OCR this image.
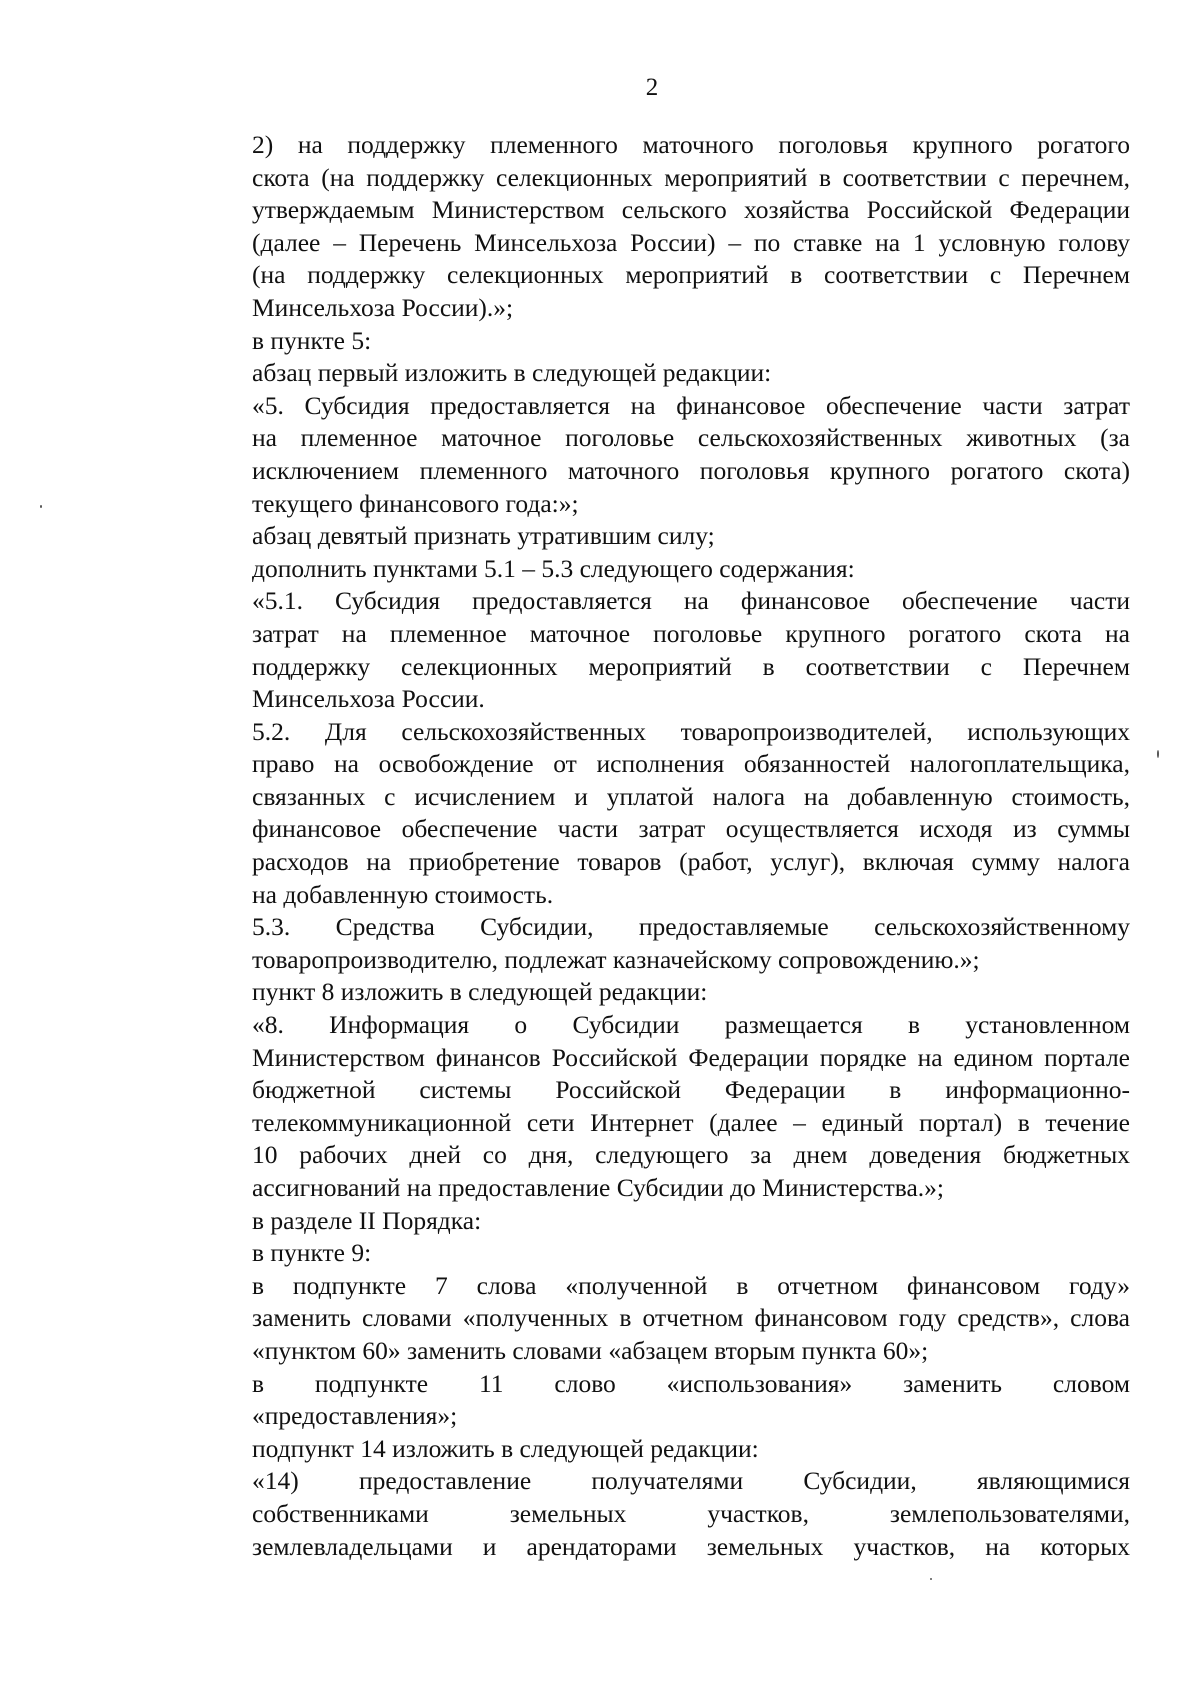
2

2) на поддержку племенного маточного поголовья крупного рогатого
скота (на поддержку селекционных мероприятий в соответствии с перечнем,
утверждаемым Министерством сельского хозяйства Российской Федерации
(далее – Перечень Минсельхоза России) – по ставке на 1 условную голову
(на поддержку селекционных мероприятий в соответствии с Перечнем
Минсельхоза России).»;

в пункте 5:

абзац первый изложить в следующей редакции:

«5. Субсидия предоставляется на финансовое обеспечение части затрат
на племенное маточное поголовье сельскохозяйственных животных (за
исключением племенного маточного поголовья крупного рогатого скота)
текущего финансового года:»;

абзац девятый признать утратившим силу;

дополнить пунктами 5.1 – 5.3 следующего содержания:

«5.1. Субсидия предоставляется на финансовое обеспечение части
затрат на племенное маточное поголовье крупного рогатого скота на
поддержку селекционных мероприятий в соответствии с Перечнем
Минсельхоза России.

5.2. Для сельскохозяйственных товаропроизводителей, использующих
право на освобождение от исполнения обязанностей налогоплательщика,
связанных с исчислением и уплатой налога на добавленную стоимость,
финансовое обеспечение части затрат осуществляется исходя из суммы
расходов на приобретение товаров (работ, услуг), включая сумму налога
на добавленную стоимость.

5.3. Средства Субсидии, предоставляемые сельскохозяйственному
товаропроизводителю, подлежат казначейскому сопровождению.»;

пункт 8 изложить в следующей редакции:

«8. Информация о Субсидии размещается в установленном
Министерством финансов Российской Федерации порядке на едином портале
бюджетной системы Российской Федерации в информационно-
телекоммуникационной сети Интернет (далее – единый портал) в течение
10 рабочих дней со дня, следующего за днем доведения бюджетных
ассигнований на предоставление Субсидии до Министерства.»;

в разделе II Порядка:

в пункте 9:

в подпункте 7 слова «полученной в отчетном финансовом году»
заменить словами «полученных в отчетном финансовом году средств», слова
«пунктом 60» заменить словами «абзацем вторым пункта 60»;

в подпункте 11 слово «использования» заменить словом
«предоставления»;

подпункт 14 изложить в следующей редакции:

«14) предоставление получателями Субсидии, являющимися
собственниками земельных участков, землепользователями,
землевладельцами и арендаторами земельных участков, на которых
